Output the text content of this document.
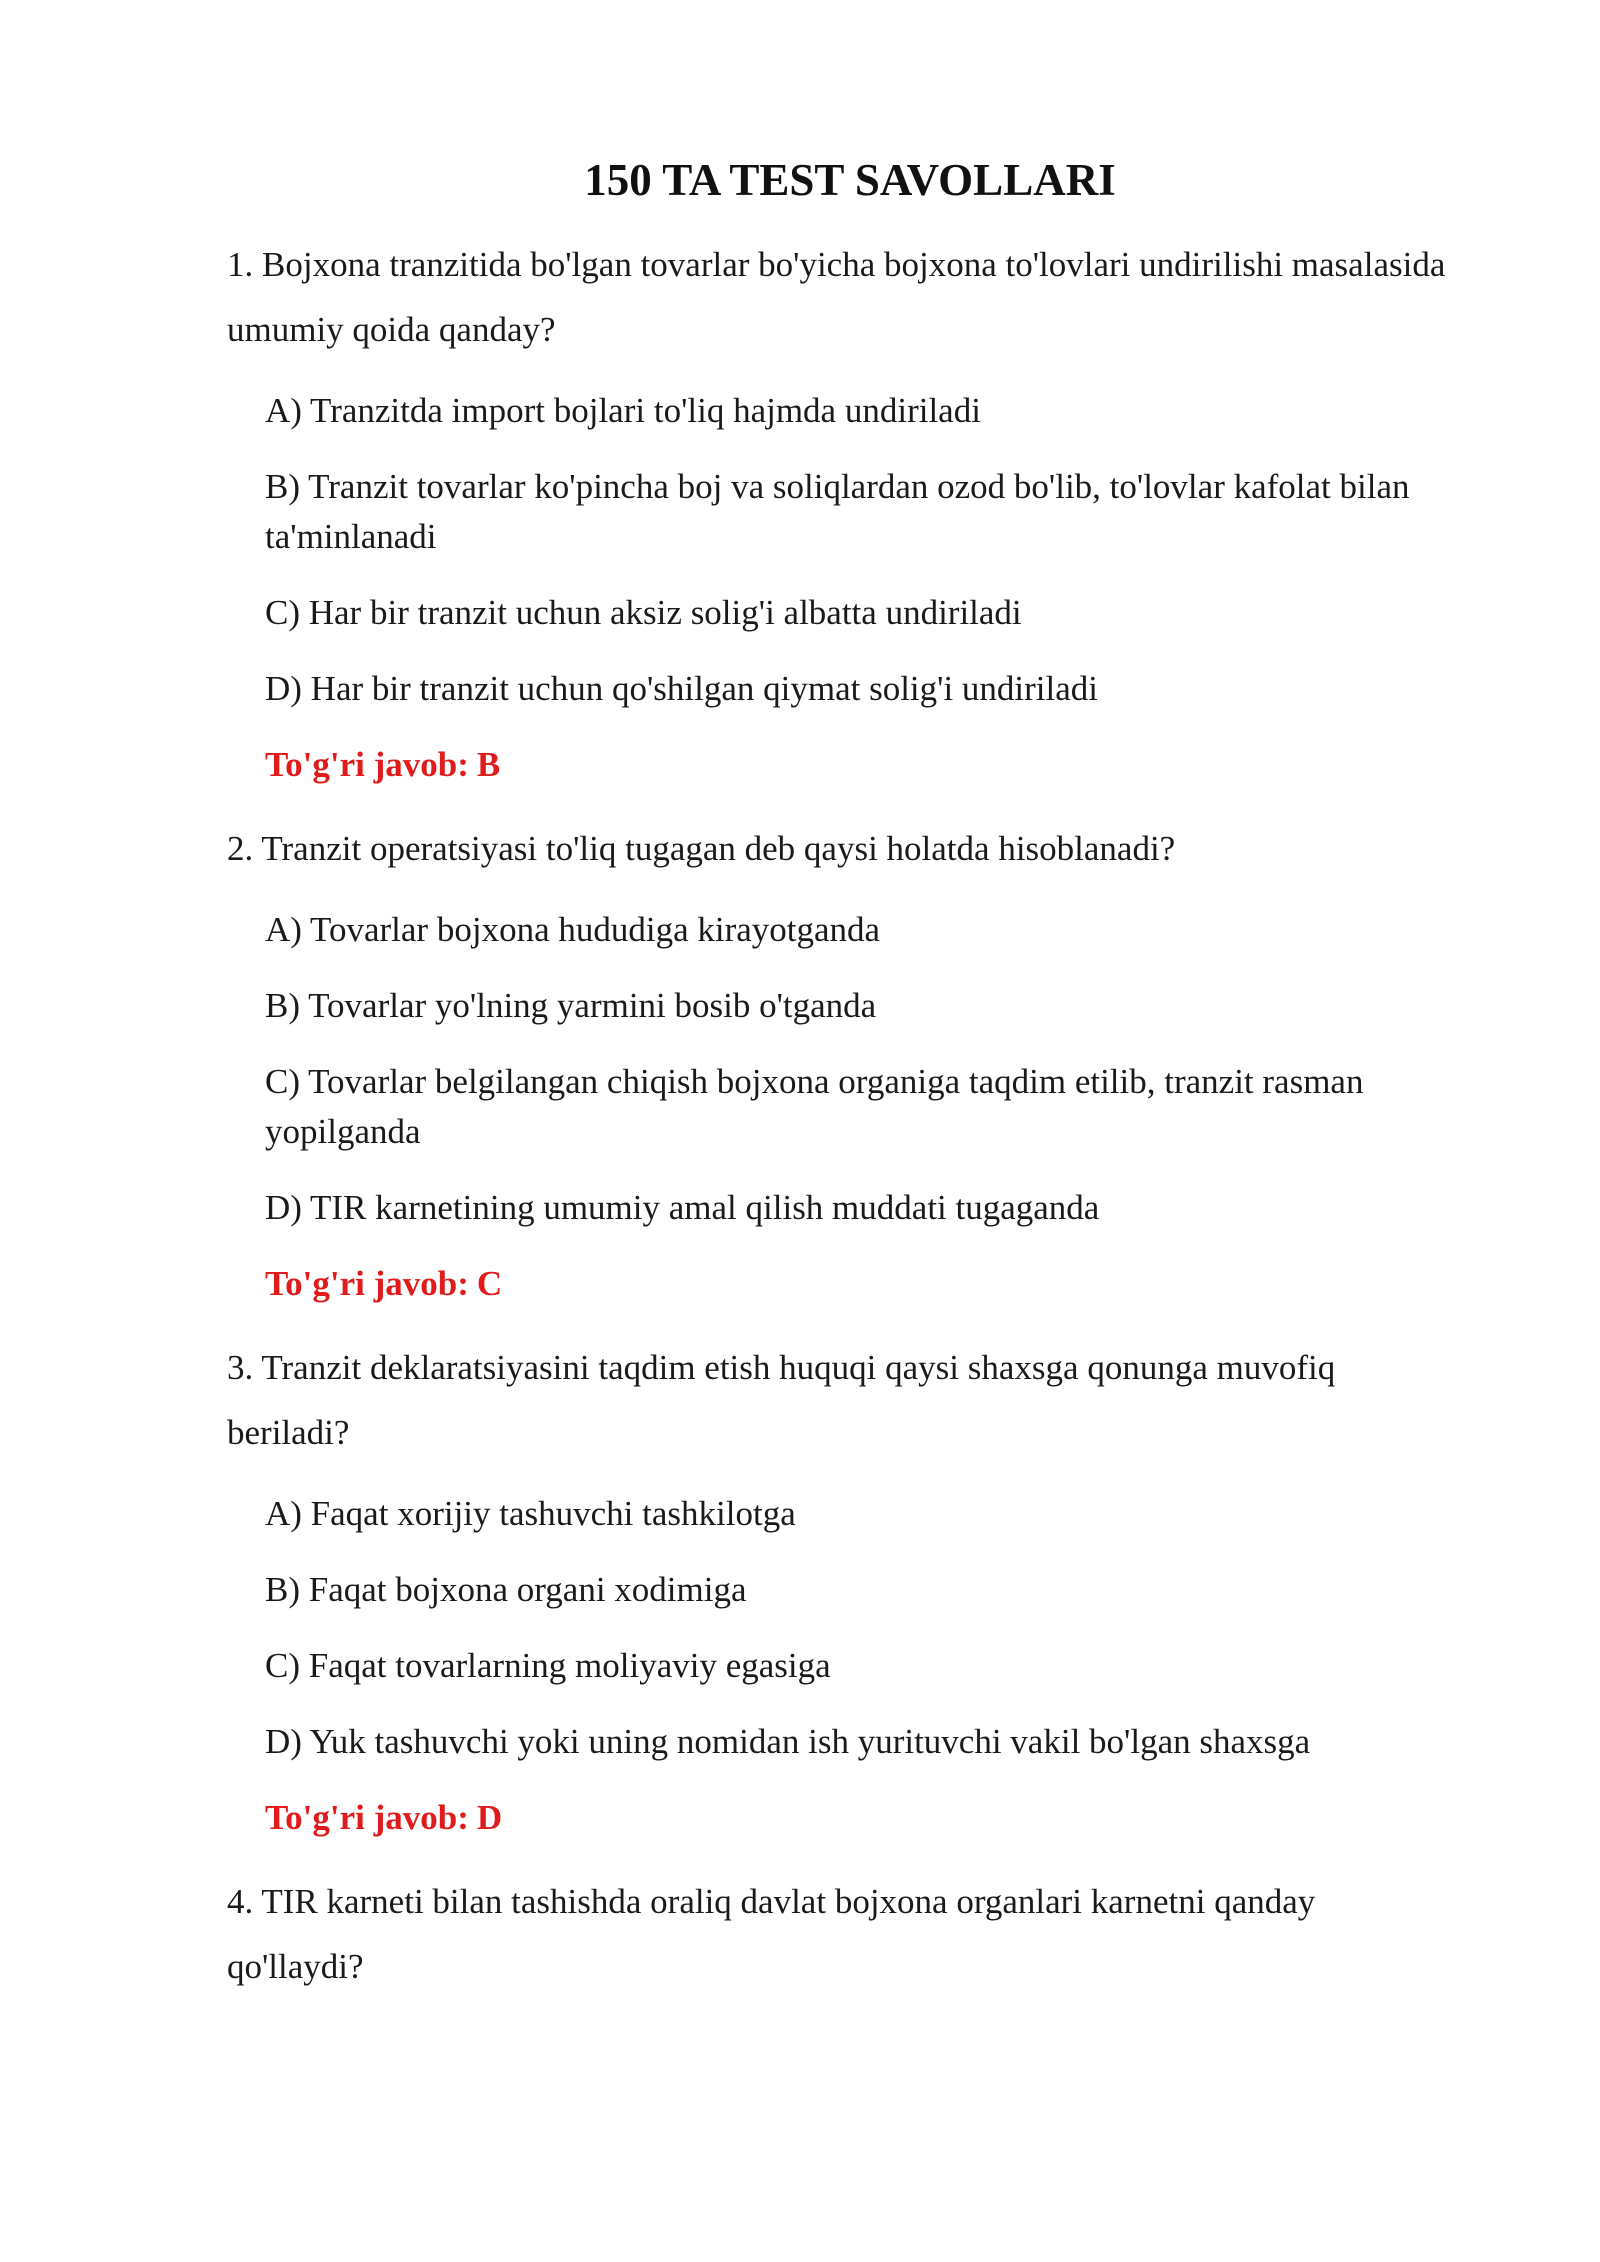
150 TA TEST SAVOLLARI

1. Bojxona tranzitida bo'lgan tovarlar bo'yicha bojxona to'lovlari undirilishi masalasida umumiy qoida qanday?

A) Tranzitda import bojlari to'liq hajmda undiriladi

B) Tranzit tovarlar ko'pincha boj va soliqlardan ozod bo'lib, to'lovlar kafolat bilan ta'minlanadi

C) Har bir tranzit uchun aksiz solig'i albatta undiriladi

D) Har bir tranzit uchun qo'shilgan qiymat solig'i undiriladi

To'g'ri javob: B

2. Tranzit operatsiyasi to'liq tugagan deb qaysi holatda hisoblanadi?

A) Tovarlar bojxona hududiga kirayotganda

B) Tovarlar yo'lning yarmini bosib o'tganda

C) Tovarlar belgilangan chiqish bojxona organiga taqdim etilib, tranzit rasman yopilganda

D) TIR karnetining umumiy amal qilish muddati tugaganda

To'g'ri javob: C

3. Tranzit deklaratsiyasini taqdim etish huquqi qaysi shaxsga qonunga muvofiq beriladi?

A) Faqat xorijiy tashuvchi tashkilotga

B) Faqat bojxona organi xodimiga

C) Faqat tovarlarning moliyaviy egasiga

D) Yuk tashuvchi yoki uning nomidan ish yurituvchi vakil bo'lgan shaxsga

To'g'ri javob: D

4. TIR karneti bilan tashishda oraliq davlat bojxona organlari karnetni qanday qo'llaydi?
